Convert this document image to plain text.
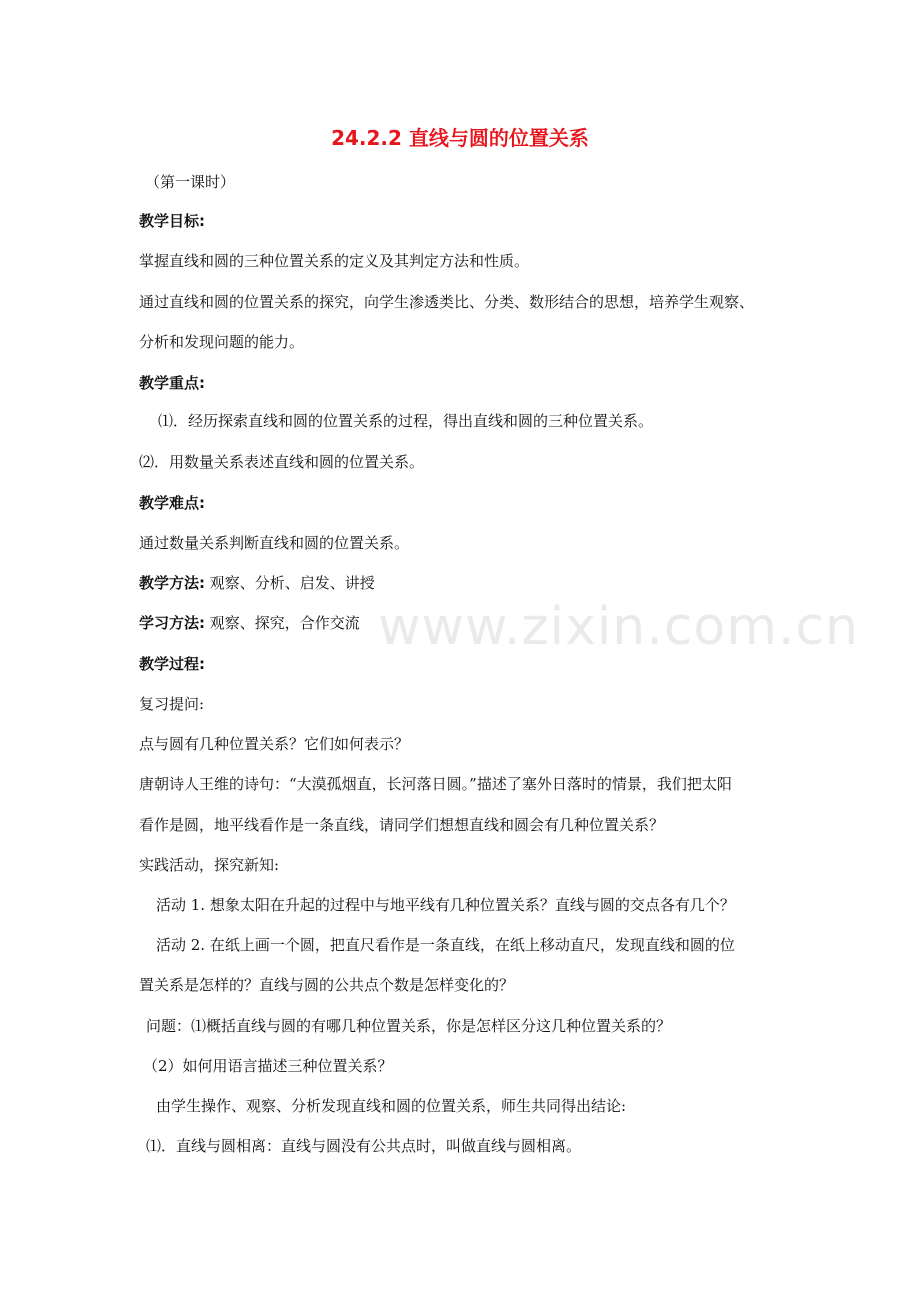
24.2.2 直线与圆的位置关系
（第一课时）
教学目标:
掌握直线和圆的三种位置关系的定义及其判定方法和性质。
通过直线和圆的位置关系的探究，向学生渗透类比、分类、数形结合的思想，培养学生观察、
分析和发现问题的能力。
教学重点:
⑴．经历探索直线和圆的位置关系的过程，得出直线和圆的三种位置关系。
⑵．用数量关系表述直线和圆的位置关系。
教学难点:
通过数量关系判断直线和圆的位置关系。
教学方法: 观察、分析、启发、讲授
学习方法: 观察、探究，合作交流 www.zixin.com.cn
教学过程:
复习提问:
点与圆有几种位置关系？它们如何表示？
唐朝诗人王维的诗句：“大漠孤烟直，长河落日圆。”描述了塞外日落时的情景，我们把太阳
看作是圆，地平线看作是一条直线，请同学们想想直线和圆会有几种位置关系？
实践活动，探究新知:
活动 1. 想象太阳在升起的过程中与地平线有几种位置关系？直线与圆的交点各有几个？
活动 2. 在纸上画一个圆，把直尺看作是一条直线，在纸上移动直尺，发现直线和圆的位
置关系是怎样的？直线与圆的公共点个数是怎样变化的？
问题：⑴概括直线与圆的有哪几种位置关系，你是怎样区分这几种位置关系的？
（2）如何用语言描述三种位置关系？
由学生操作、观察、分析发现直线和圆的位置关系，师生共同得出结论:
⑴．直线与圆相离：直线与圆没有公共点时，叫做直线与圆相离。
